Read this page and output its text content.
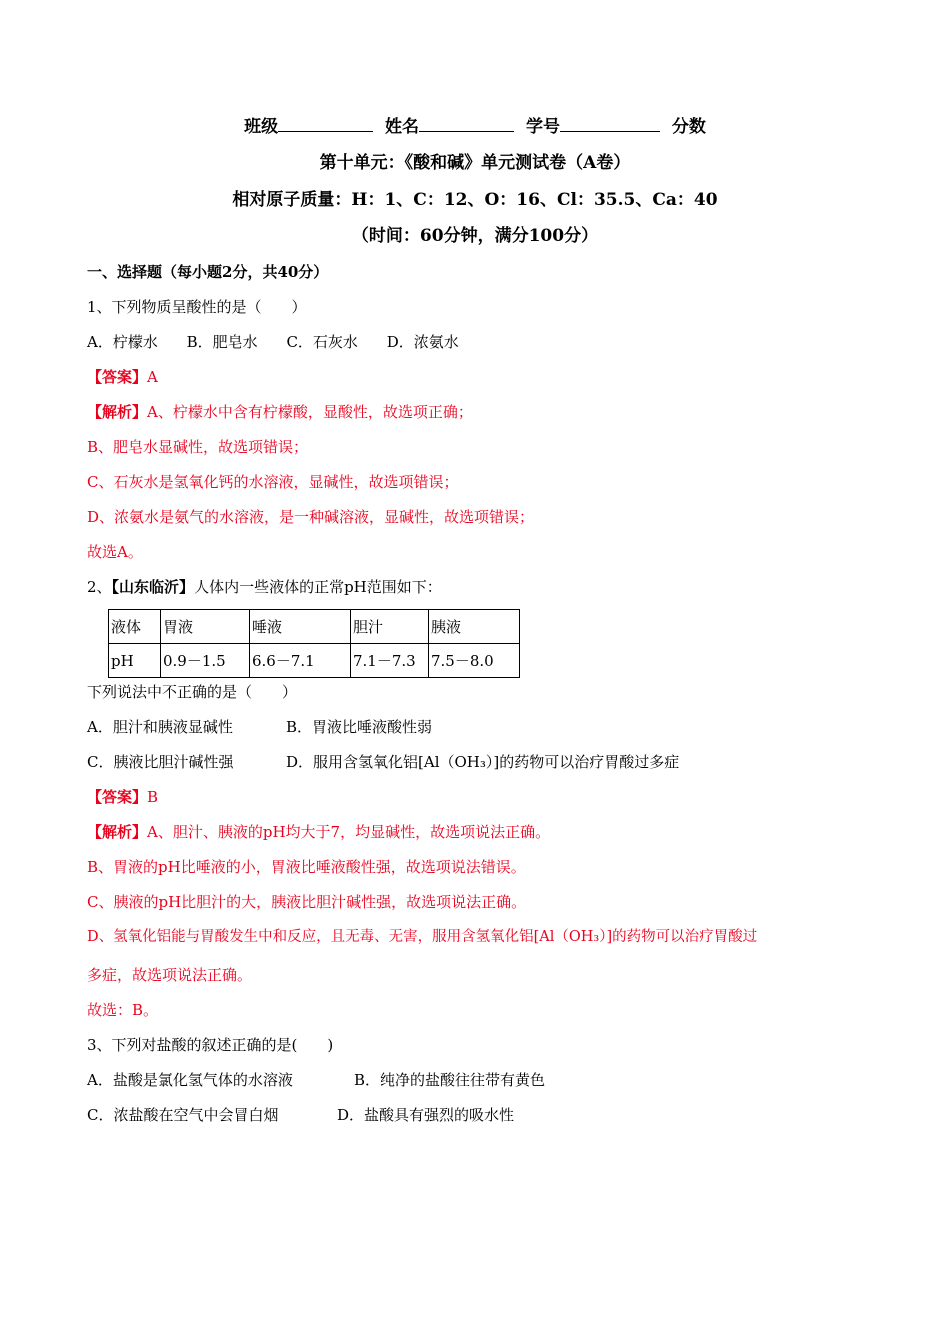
班级	姓名	学号	分数
第十单元：《酸和碱》单元测试卷（A卷）
相对原子质量：H：1、C：12、O：16、Cl：35.5、Ca：40
（时间：60分钟，满分100分）
一、选择题（每小题2分，共40分）
1、下列物质呈酸性的是（　　）
A．柠檬水 B．肥皂水 C．石灰水 D．浓氨水
【答案】A
【解析】A、柠檬水中含有柠檬酸，显酸性，故选项正确；
B、肥皂水显碱性，故选项错误；
C、石灰水是氢氧化钙的水溶液，显碱性，故选项错误；
D、浓氨水是氨气的水溶液，是一种碱溶液，显碱性，故选项错误；
故选A。
2、【山东临沂】人体内一些液体的正常pH范围如下：
液体	胃液	唾液	胆汁	胰液
pH	0.9－1.5	6.6－7.1	7.1－7.3	7.5－8.0
下列说法中不正确的是（　　）
A．胆汁和胰液显碱性	B．胃液比唾液酸性弱
C．胰液比胆汁碱性强	D．服用含氢氧化铝[Al（OH₃）]的药物可以治疗胃酸过多症
【答案】B
【解析】A、胆汁、胰液的pH均大于7，均显碱性，故选项说法正确。
B、胃液的pH比唾液的小，胃液比唾液酸性强，故选项说法错误。
C、胰液的pH比胆汁的大，胰液比胆汁碱性强，故选项说法正确。
D、氢氧化铝能与胃酸发生中和反应，且无毒、无害，服用含氢氧化铝[Al（OH₃）]的药物可以治疗胃酸过
多症，故选项说法正确。
故选：B。
3、下列对盐酸的叙述正确的是(　　)
A．盐酸是氯化氢气体的水溶液	B．纯净的盐酸往往带有黄色
C．浓盐酸在空气中会冒白烟	D．盐酸具有强烈的吸水性
